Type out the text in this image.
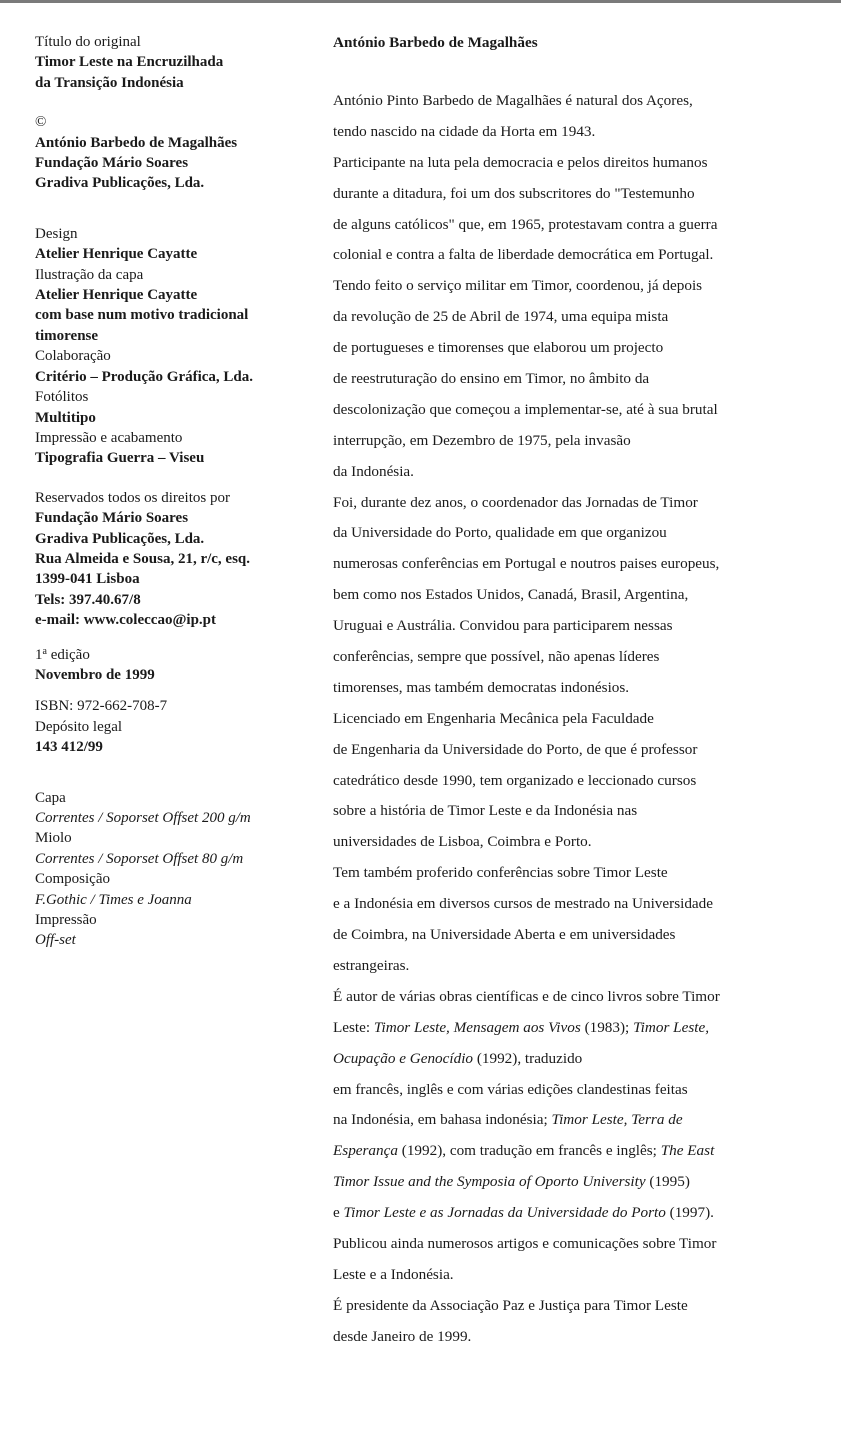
Título do original
Timor Leste na Encruzilhada
da Transição Indonésia
©
António Barbedo de Magalhães
Fundação Mário Soares
Gradiva Publicações, Lda.
Design
Atelier Henrique Cayatte
Ilustração da capa
Atelier Henrique Cayatte
com base num motivo tradicional
timorense
Colaboração
Critério – Produção Gráfica, Lda.
Fotólitos
Multitipo
Impressão e acabamento
Tipografia Guerra – Viseu
Reservados todos os direitos por
Fundação Mário Soares
Gradiva Publicações, Lda.
Rua Almeida e Sousa, 21, r/c, esq.
1399-041 Lisboa
Tels: 397.40.67/8
e-mail: www.coleccao@ip.pt
1$^a$ edição
Novembro de 1999
ISBN: 972-662-708-7
Depósito legal
143 412/99
Capa
Correntes / Soporset Offset 200 g/m
Miolo
Correntes / Soporset Offset 80 g/m
Composição
F.Gothic / Times e Joanna
Impressão
Off-set
António Barbedo de Magalhães
António Pinto Barbedo de Magalhães é natural dos Açores,
tendo nascido na cidade da Horta em 1943.
Participante na luta pela democracia e pelos direitos humanos
durante a ditadura, foi um dos subscritores do "Testemunho
de alguns católicos" que, em 1965, protestavam contra a guerra
colonial e contra a falta de liberdade democrática em Portugal.
Tendo feito o serviço militar em Timor, coordenou, já depois
da revolução de 25 de Abril de 1974, uma equipa mista
de portugueses e timorenses que elaborou um projecto
de reestruturação do ensino em Timor, no âmbito da
descolonização que começou a implementar-se, até à sua brutal
interrupção, em Dezembro de 1975, pela invasão
da Indonésia.
Foi, durante dez anos, o coordenador das Jornadas de Timor
da Universidade do Porto, qualidade em que organizou
numerosas conferências em Portugal e noutros paises europeus,
bem como nos Estados Unidos, Canadá, Brasil, Argentina,
Uruguai e Austrália. Convidou para participarem nessas
conferências, sempre que possível, não apenas líderes
timorenses, mas também democratas indonésios.
Licenciado em Engenharia Mecânica pela Faculdade
de Engenharia da Universidade do Porto, de que é professor
catedrático desde 1990, tem organizado e leccionado cursos
sobre a história de Timor Leste e da Indonésia nas
universidades de Lisboa, Coimbra e Porto.
Tem também proferido conferências sobre Timor Leste
e a Indonésia em diversos cursos de mestrado na Universidade
de Coimbra, na Universidade Aberta e em universidades
estrangeiras.
É autor de várias obras científicas e de cinco livros sobre Timor
Leste: Timor Leste, Mensagem aos Vivos (1983); Timor Leste,
Ocupação e Genocídio (1992), traduzido
em francês, inglês e com várias edições clandestinas feitas
na Indonésia, em bahasa indonésia; Timor Leste, Terra de
Esperança (1992), com tradução em francês e inglês; The East
Timor Issue and the Symposia of Oporto University (1995)
e Timor Leste e as Jornadas da Universidade do Porto (1997).
Publicou ainda numerosos artigos e comunicações sobre Timor
Leste e a Indonésia.
É presidente da Associação Paz e Justiça para Timor Leste
desde Janeiro de 1999.
